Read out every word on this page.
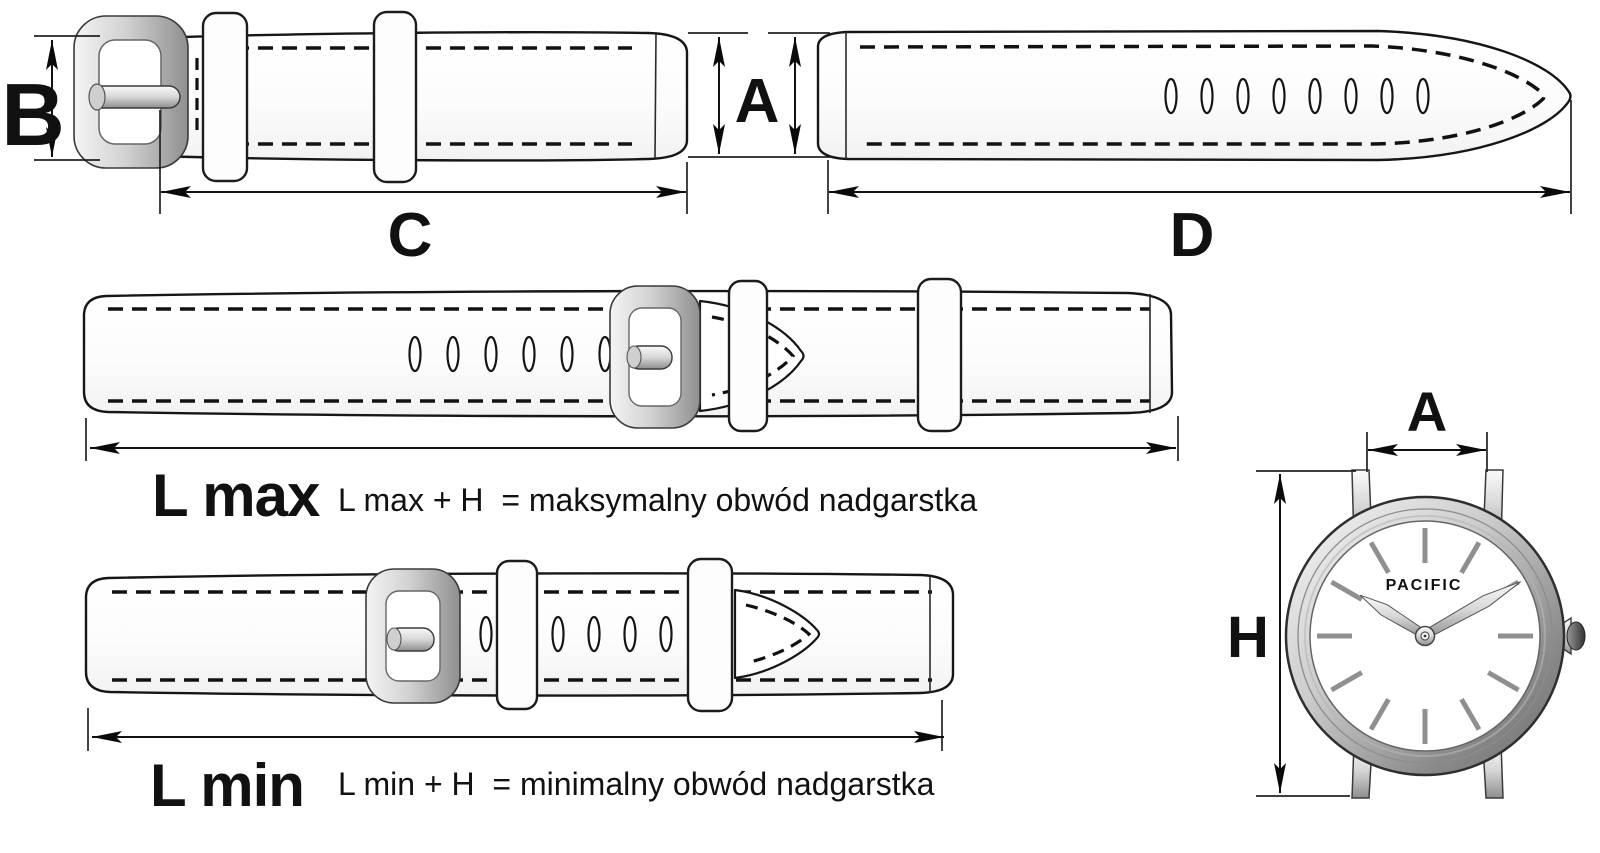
B	A
C	D
L max L max + H  = maksymalny obwód nadgarstka
L min L min + H  = minimalny obwód nadgarstka
PACIFIC
A
H
